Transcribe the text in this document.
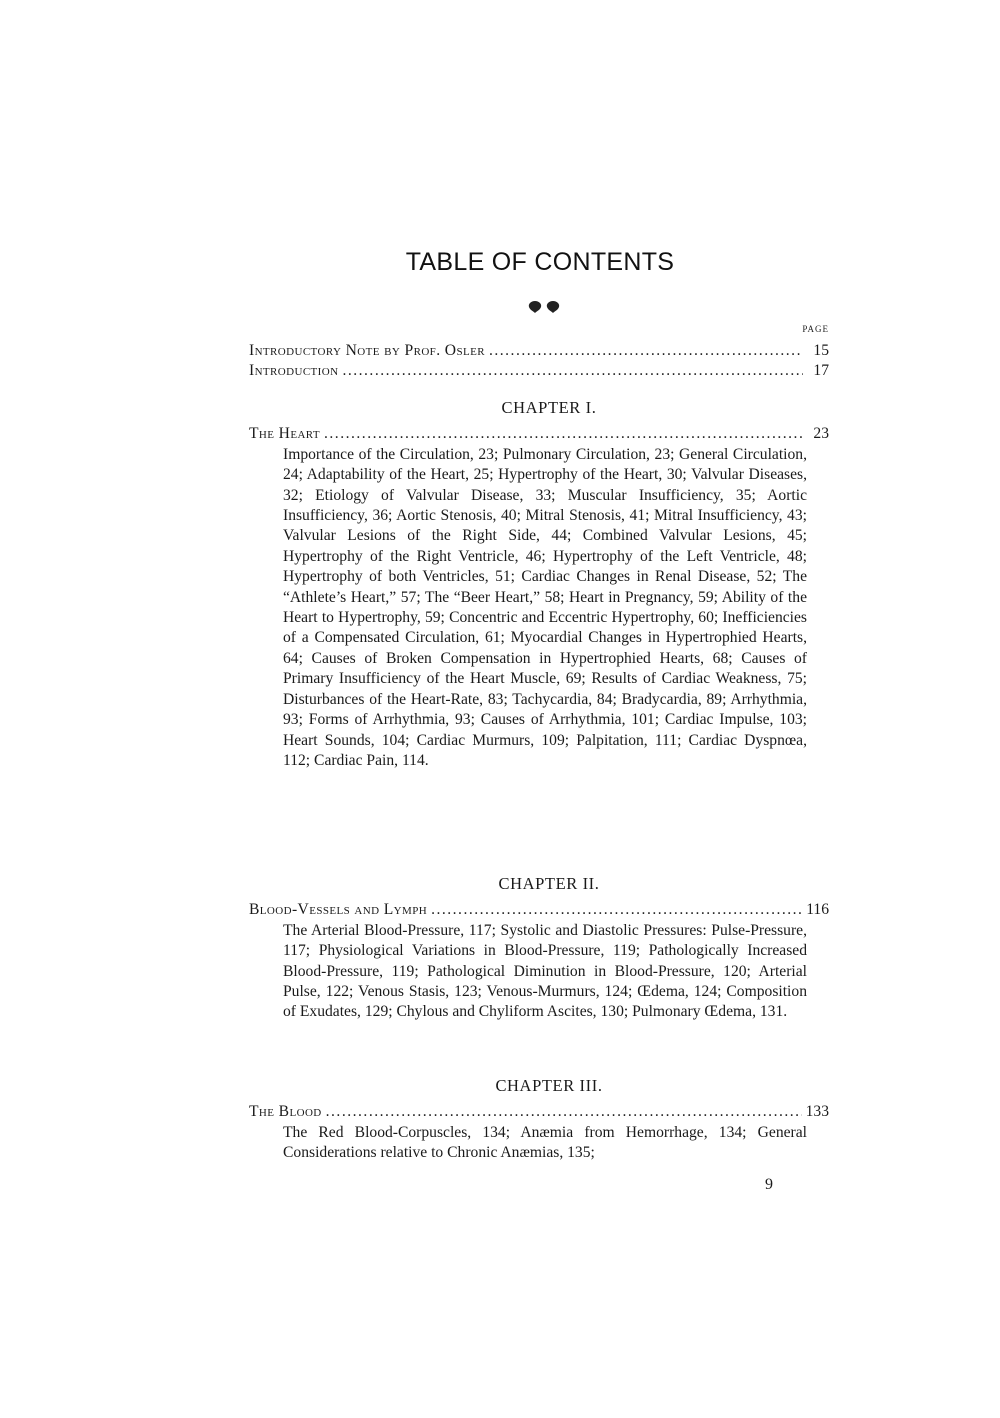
TABLE OF CONTENTS
PAGE
Introductory Note by Prof. Osler . . .	15
Introduction . . .	17
CHAPTER I.
The Heart . . .	23
Importance of the Circulation, 23; Pulmonary Circulation, 23; General Circulation, 24; Adaptability of the Heart, 25; Hypertrophy of the Heart, 30; Valvular Diseases, 32; Etiology of Valvular Disease, 33; Muscular Insufficiency, 35; Aortic Insufficiency, 36; Aortic Stenosis, 40; Mitral Stenosis, 41; Mitral Insufficiency, 43; Valvular Lesions of the Right Side, 44; Combined Valvular Lesions, 45; Hypertrophy of the Right Ventricle, 46; Hypertrophy of the Left Ventricle, 48; Hypertrophy of both Ventricles, 51; Cardiac Changes in Renal Disease, 52; The “Athlete’s Heart,” 57; The “Beer Heart,” 58; Heart in Pregnancy, 59; Ability of the Heart to Hypertrophy, 59; Concentric and Eccentric Hypertrophy, 60; Inefficiencies of a Compensated Circulation, 61; Myocardial Changes in Hypertrophied Hearts, 64; Causes of Broken Compensation in Hypertrophied Hearts, 68; Causes of Primary Insufficiency of the Heart Muscle, 69; Results of Cardiac Weakness, 75; Disturbances of the Heart-Rate, 83; Tachycardia, 84; Bradycardia, 89; Arrhythmia, 93; Forms of Arrhythmia, 93; Causes of Arrhythmia, 101; Cardiac Impulse, 103; Heart Sounds, 104; Cardiac Murmurs, 109; Palpitation, 111; Cardiac Dyspnœa, 112; Cardiac Pain, 114.
CHAPTER II.
Blood-Vessels and Lymph . . .	116
The Arterial Blood-Pressure, 117; Systolic and Diastolic Pressures: Pulse-Pressure, 117; Physiological Variations in Blood-Pressure, 119; Pathologically Increased Blood-Pressure, 119; Pathological Diminution in Blood-Pressure, 120; Arterial Pulse, 122; Venous Stasis, 123; Venous-Murmurs, 124; Œdema, 124; Composition of Exudates, 129; Chylous and Chyliform Ascites, 130; Pulmonary Œdema, 131.
CHAPTER III.
The Blood . . .	133
The Red Blood-Corpuscles, 134; Anæmia from Hemorrhage, 134; General Considerations relative to Chronic Anæmias, 135;
9
